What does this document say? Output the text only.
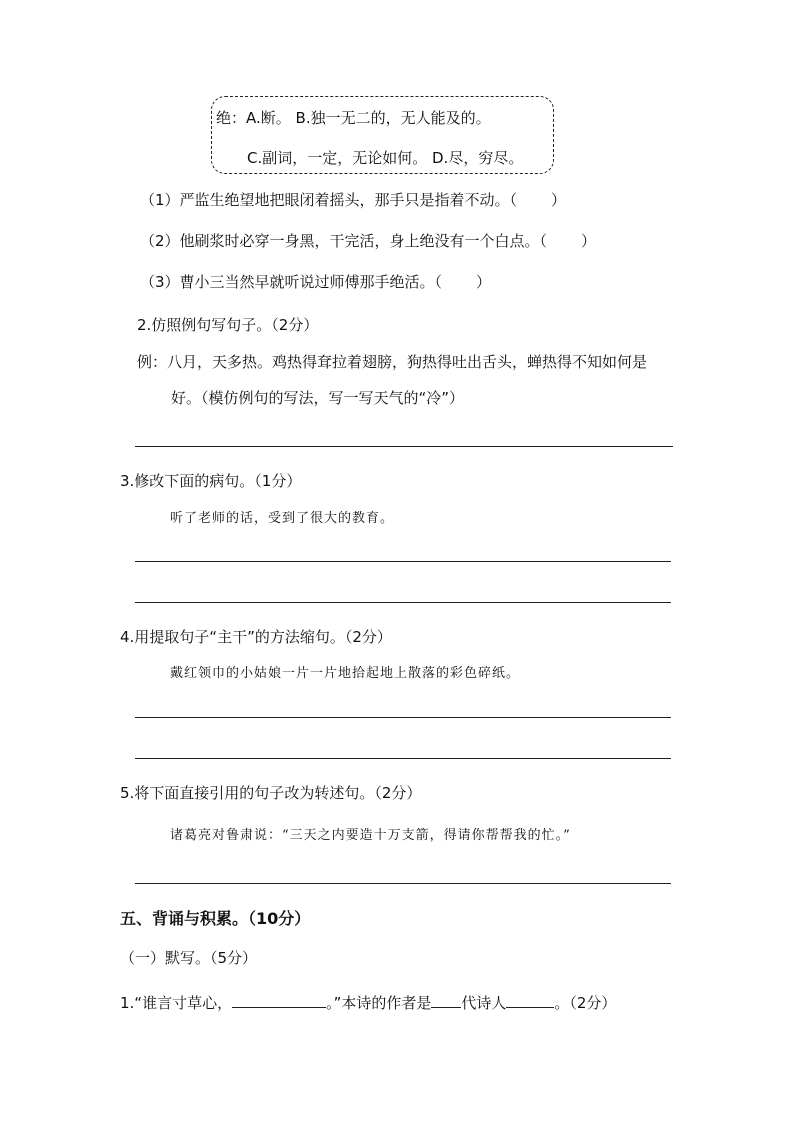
绝：A.断。 B.独一无二的，无人能及的。
C.副词，一定，无论如何。 D.尽，穷尽。
（1）严监生绝望地把眼闭着摇头，那手只是指着不动。（ ）
（2）他刷浆时必穿一身黑，干完活，身上绝没有一个白点。（ ）
（3）曹小三当然早就听说过师傅那手绝活。（ ）
2.仿照例句写句子。（2分）
例：八月，天多热。鸡热得耷拉着翅膀，狗热得吐出舌头，蝉热得不知如何是
好。（模仿例句的写法，写一写天气的“冷”）
3.修改下面的病句。（1分）
听了老师的话，受到了很大的教育。
4.用提取句子“主干”的方法缩句。（2分）
戴红领巾的小姑娘一片一片地拾起地上散落的彩色碎纸。
5.将下面直接引用的句子改为转述句。（2分）
诸葛亮对鲁肃说：“三天之内要造十万支箭，得请你帮帮我的忙。”
五、背诵与积累。（10分）
（一）默写。（5分）
1.“谁言寸草心，	。”本诗的作者是 代诗人	。（2分）
